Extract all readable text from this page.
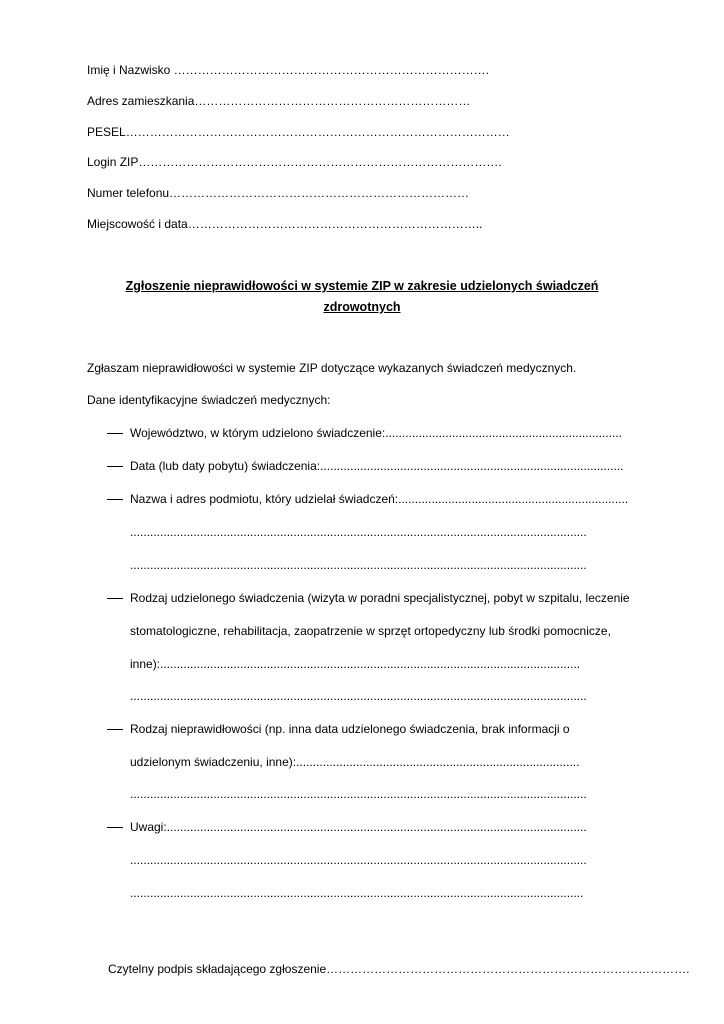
Imię i Nazwisko …………………………………………………………………….
Adres zamieszkania……………………………………………………………
PESEL……………………………………………………………………………………
Login ZIP……………………………………………………………………………….
Numer telefonu…………………………………………………………………
Miejscowość i data………………………………………………………………..
Zgłoszenie nieprawidłowości w systemie ZIP w zakresie udzielonych świadczeń
zdrowotnych
Zgłaszam nieprawidłowości w systemie ZIP dotyczące wykazanych świadczeń medycznych.
Dane identyfikacyjne świadczeń medycznych:
Województwo, w którym udzielono świadczenie:.......................................................................
Data (lub daty pobytu) świadczenia:...........................................................................................
Nazwa i adres podmiotu, który udzielał świadczeń:.....................................................................
.........................................................................................................................................
.........................................................................................................................................
Rodzaj udzielonego świadczenia (wizyta w poradni specjalistycznej, pobyt w szpitalu, leczenie
stomatologiczne, rehabilitacja, zaopatrzenie w sprzęt ortopedyczny lub środki pomocnicze,
inne):..............................................................................................................................
.........................................................................................................................................
Rodzaj nieprawidłowości (np. inna data udzielonego świadczenia, brak informacji o
udzielonym świadczeniu, inne):.....................................................................................
.........................................................................................................................................
Uwagi:..............................................................................................................................
.........................................................................................................................................
........................................................................................................................................
Czytelny podpis składającego zgłoszenie……………………………………………………………………………….
